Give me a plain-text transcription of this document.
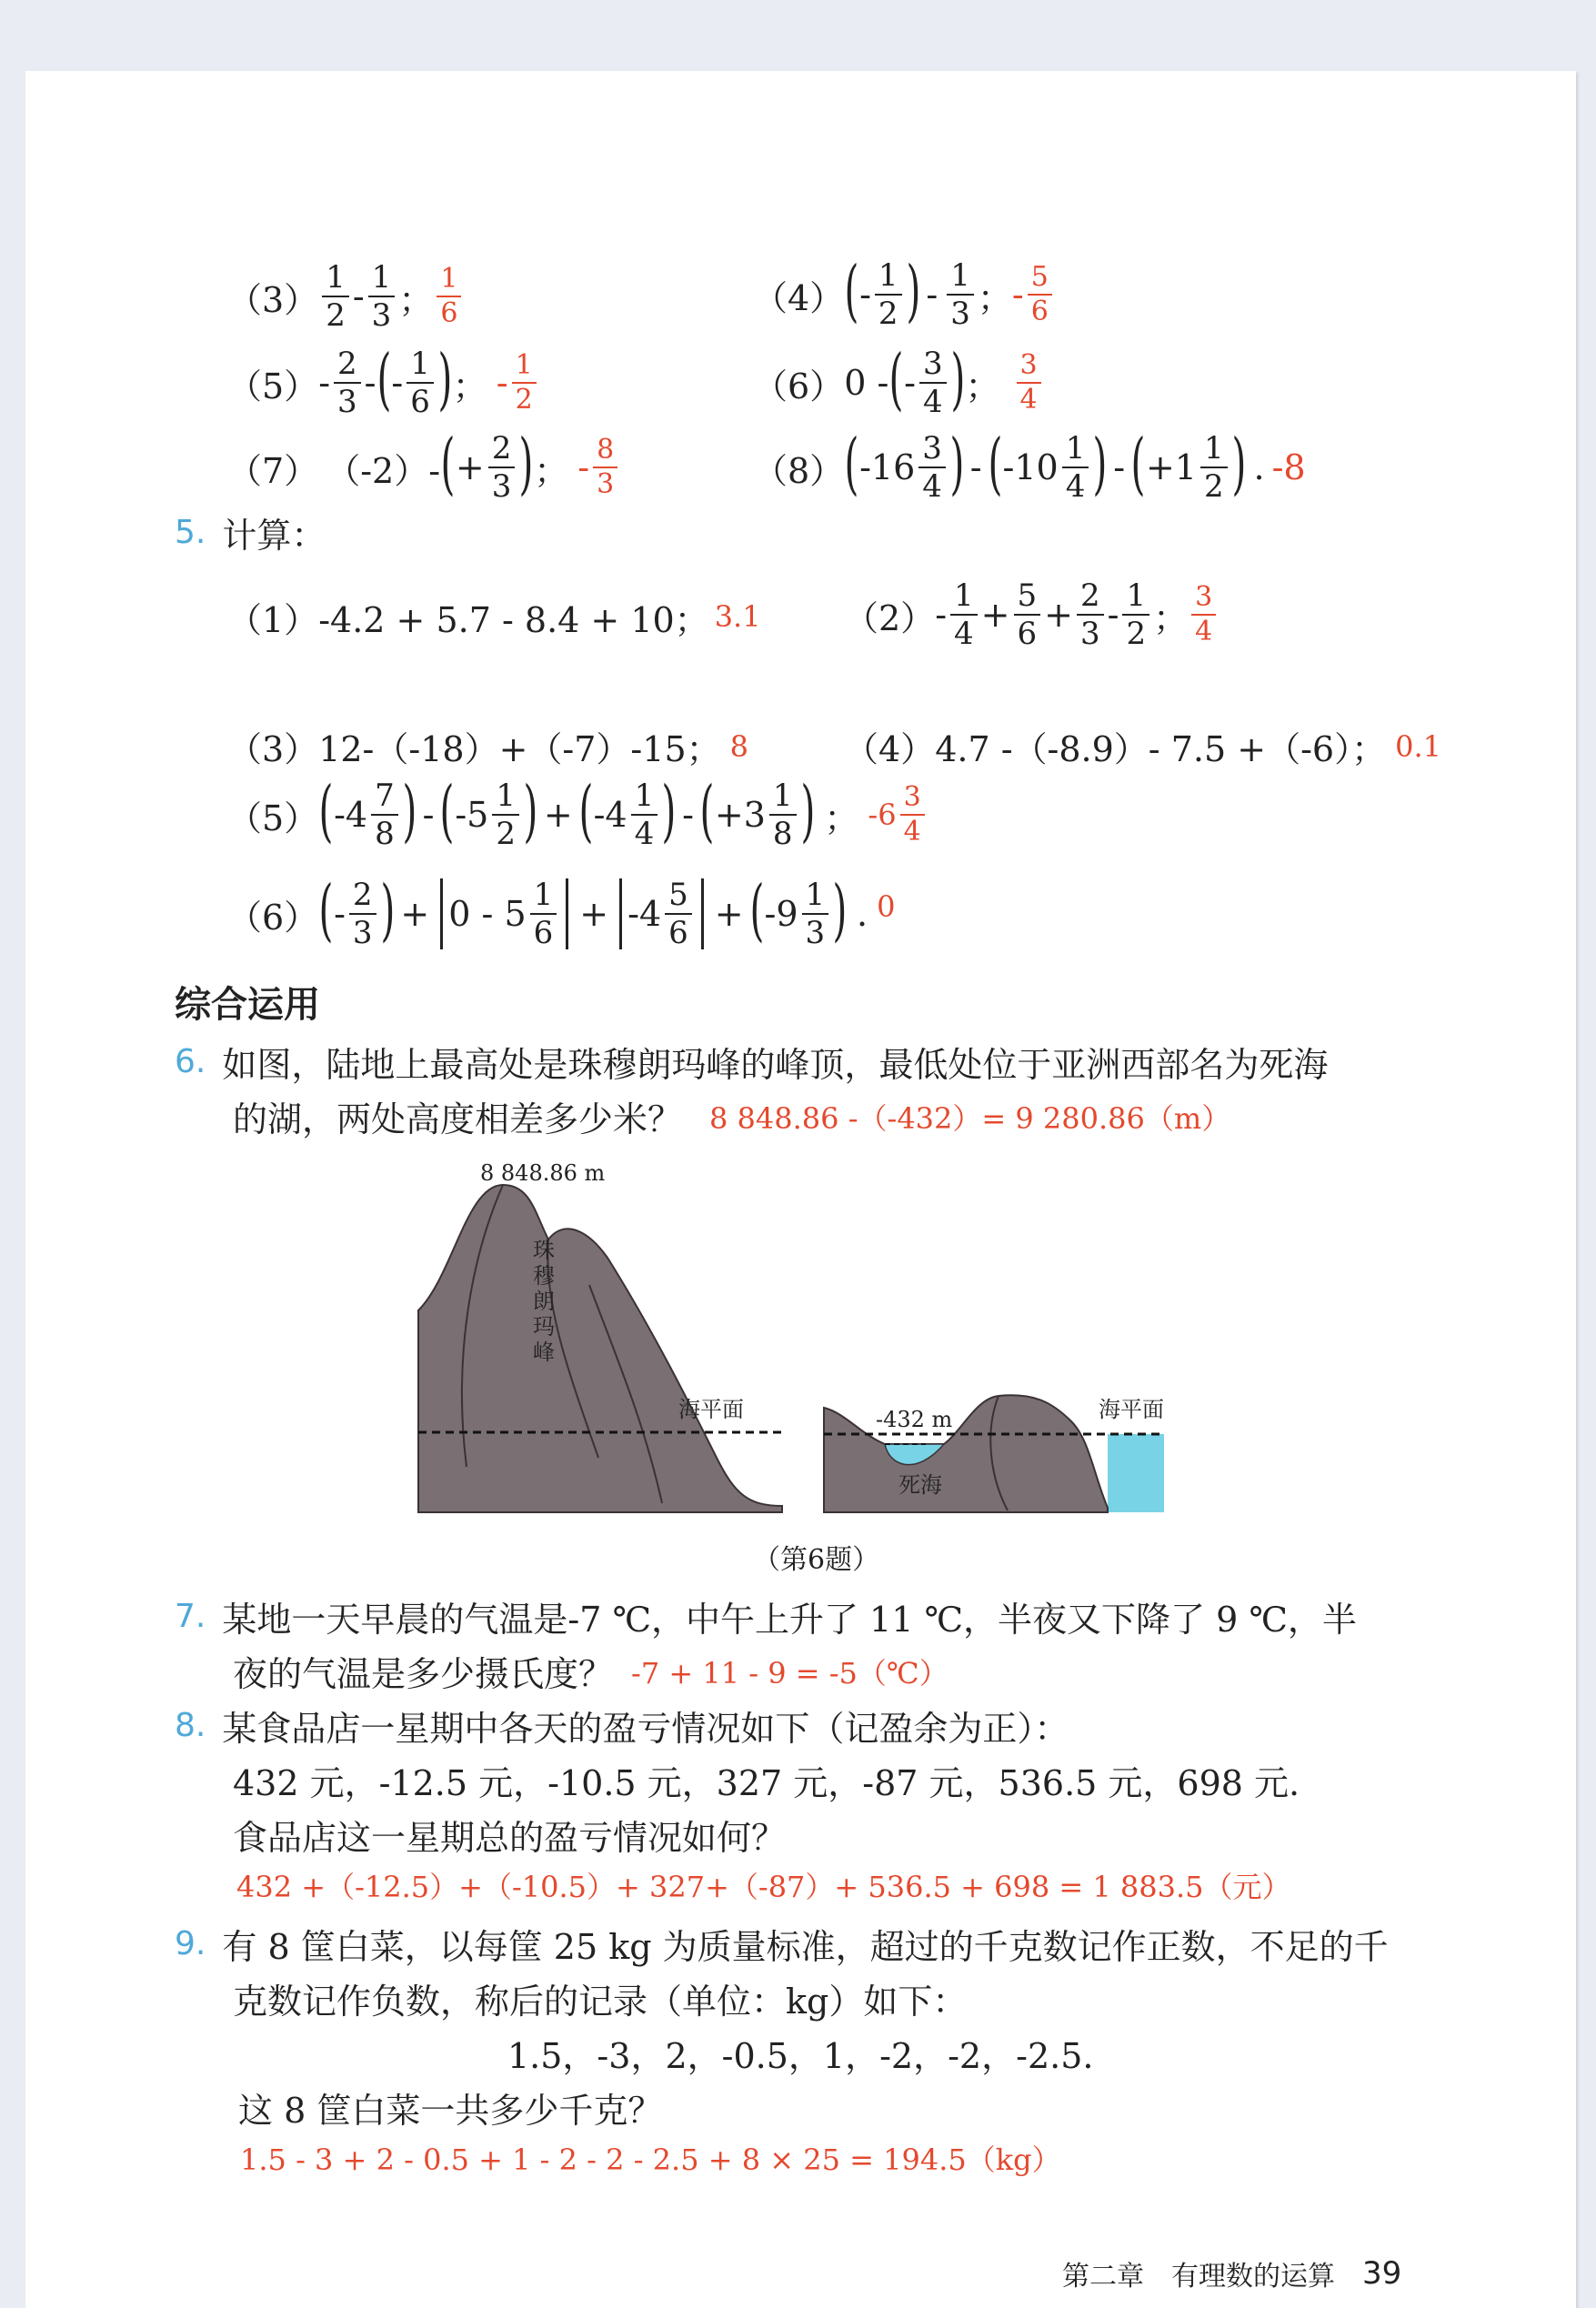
$(3) \frac{1}{2} - \frac{1}{3}$ ； $\frac{1}{6}$	（4） ( - $\frac{1}{2}$ ) - $\frac{1}{3}$ ； - $\frac{5}{6}$
$(5) - \frac{2}{3}$ - ( - $\frac{1}{6}$ ) ； - $\frac{1}{2}$	（6） 0 - ( - $\frac{3}{4}$ ) ； $\frac{3}{4}$
（7） （-2）- ( + $\frac{2}{3}$ ) ； - $\frac{8}{3}$	（8） ( $-16 \frac{3}{4}$ ) - ( $-10 \frac{1}{4}$ ) - ( $+1 \frac{1}{2}$ ) . -8
5. 计算：
（1） -4.2 + 5.7 - 8.4 + 10； 3.1 $(2) - \frac{1}{4} + \frac{5}{6} + \frac{2}{3} - \frac{1}{2}$ ； $\frac{3}{4}$
（3） 12-（-18）+（-7）-15； 8	（4） 4.7 -（-8.9）- 7.5 +（-6）； 0.1
（5） ( $-4 \frac{7}{8}$ ) - ( $-5 \frac{1}{2}$ ) + ( $-4 \frac{1}{4}$ ) - ( $+3 \frac{1}{8}$ ) ； $-6 \frac{3}{4}$
（6） ( - $\frac{2}{3}$ ) + $0 - 5 \frac{1}{6} + -4 \frac{5}{6}$ + ( $-9 \frac{1}{3}$ ) . 0
综合运用
6. 如图，陆地上最高处是珠穆朗玛峰的峰顶，最低处位于亚洲西部名为死海
的湖，两处高度相差多少米？ 8 848.86 -（-432）= 9 280.86（m）
8 848.86 m
海平面
珠
穆
朗
玛
峰
-432 m	海平面
死海
（第6题）
7. 某地一天早晨的气温是-7 ℃，中午上升了 11 ℃，半夜又下降了 9 ℃，半
夜的气温是多少摄氏度？ -7 + 11 - 9 = -5（℃）
8. 某食品店一星期中各天的盈亏情况如下（记盈余为正）：
432 元，-12.5 元，-10.5 元，327 元，-87 元，536.5 元，698 元.
食品店这一星期总的盈亏情况如何？
432 +（-12.5）+（-10.5）+ 327+（-87）+ 536.5 + 698 = 1 883.5（元）
9. 有 8 筐白菜，以每筐 25 kg 为质量标准，超过的千克数记作正数，不足的千
克数记作负数，称后的记录（单位：kg）如下：
1.5，-3，2，-0.5，1，-2，-2，-2.5.
这 8 筐白菜一共多少千克？
1.5 - 3 + 2 - 0.5 + 1 - 2 - 2 - 2.5 + 8 × 25 = 194.5（kg）
第二章 有理数的运算 39
